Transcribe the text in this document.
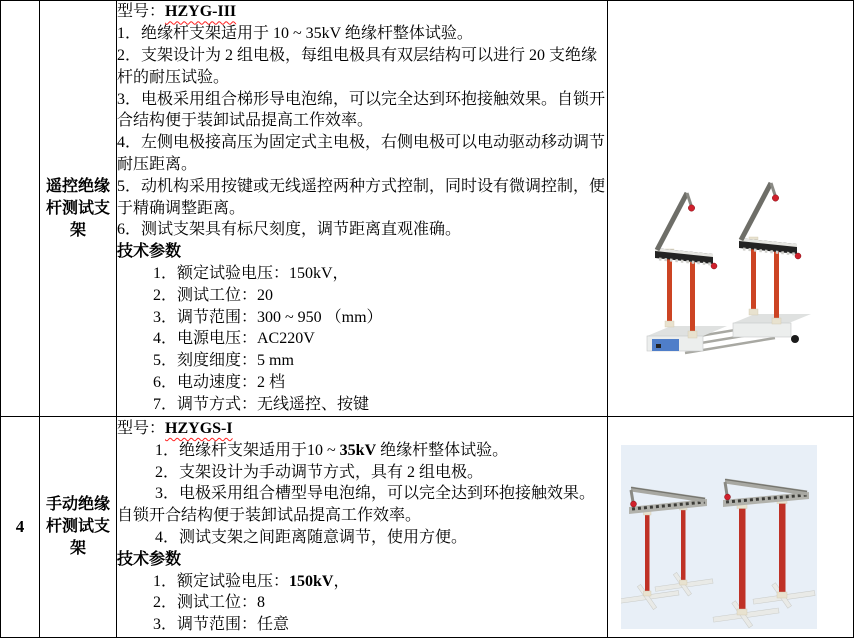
	遥控绝缘杆测试支架	

型号：HZYG-III

1．绝缘杆支架适用于 10 ~ 35kV 绝缘杆整体试验。

2．支架设计为 2 组电极，每组电极具有双层结构可以进行 20 支绝缘杆的耐压试验。

3．电极采用组合梯形导电泡绵，可以完全达到环抱接触效果。自锁开合结构便于装卸试品提高工作效率。

4．左侧电极接高压为固定式主电极，右侧电极可以电动驱动移动调节耐压距离。

5．动机构采用按键或无线遥控两种方式控制，同时设有微调控制，便于精确调整距离。

6．测试支架具有标尺刻度，调节距离直观准确。

技术参数

1．额定试验电压：150kV，

2．测试工位：20

3．调节范围：300 ~ 950 （mm）

4．电源电压：AC220V

5．刻度细度：5 mm

6．电动速度：2 档

7．调节方式：无线遥控、按键

4	手动绝缘杆测试支架	

型号：HZYGS-I

1．绝缘杆支架适用于10 ~ 35kV 绝缘杆整体试验。

2．支架设计为手动调节方式，具有 2 组电极。

3．电极采用组合槽型导电泡绵，可以完全达到环抱接触效果。自锁开合结构便于装卸试品提高工作效率。

4．测试支架之间距离随意调节，使用方便。

技术参数

1．额定试验电压：150kV，

2．测试工位：8

3．调节范围：任意
